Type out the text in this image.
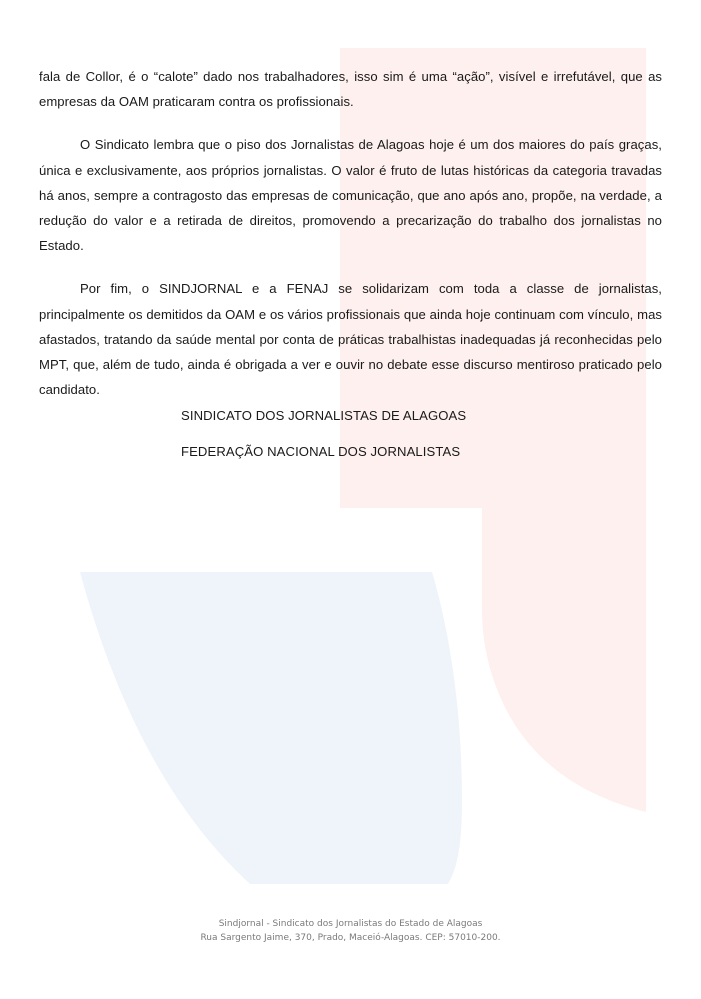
fala de Collor, é o “calote” dado nos trabalhadores, isso sim é uma “ação”, visível e irrefutável, que as empresas da OAM praticaram contra os profissionais.

O Sindicato lembra que o piso dos Jornalistas de Alagoas hoje é um dos maiores do país graças, única e exclusivamente, aos próprios jornalistas. O valor é fruto de lutas históricas da categoria travadas há anos, sempre a contragosto das empresas de comunicação, que ano após ano, propõe, na verdade, a redução do valor e a retirada de direitos, promovendo a precarização do trabalho dos jornalistas no Estado.

Por fim, o SINDJORNAL e a FENAJ se solidarizam com toda a classe de jornalistas, principalmente os demitidos da OAM e os vários profissionais que ainda hoje continuam com vínculo, mas afastados, tratando da saúde mental por conta de práticas trabalhistas inadequadas já reconhecidas pelo MPT, que, além de tudo, ainda é obrigada a ver e ouvir no debate esse discurso mentiroso praticado pelo candidato.

SINDICATO DOS JORNALISTAS DE ALAGOAS

FEDERAÇÃO NACIONAL DOS JORNALISTAS

Sindjornal - Sindicato dos Jornalistas do Estado de Alagoas
Rua Sargento Jaime, 370, Prado, Maceió-Alagoas. CEP: 57010-200.
